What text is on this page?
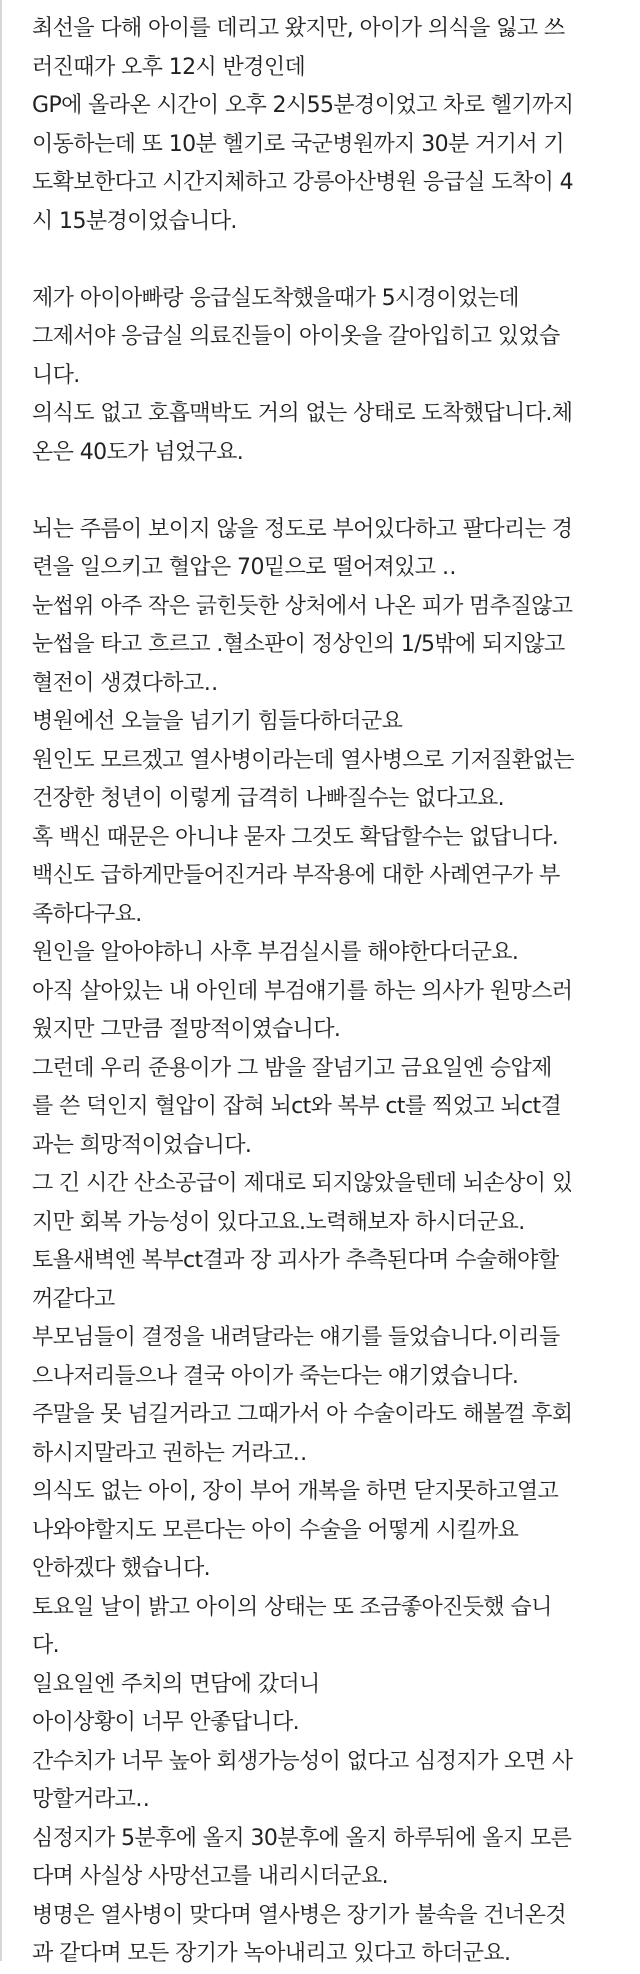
최선을 다해 아이를 데리고 왔지만, 아이가 의식을 잃고 쓰
러진때가 오후 12시 반경인데
GP에 올라온 시간이 오후 2시55분경이었고 차로 헬기까지
이동하는데 또 10분 헬기로 국군병원까지 30분 거기서 기
도확보한다고 시간지체하고 강릉아산병원 응급실 도착이 4
시 15분경이었습니다.
제가 아이아빠랑 응급실도착했을때가 5시경이었는데
그제서야 응급실 의료진들이 아이옷을 갈아입히고 있었습
니다.
의식도 없고 호흡맥박도 거의 없는 상태로 도착했답니다.체
온은 40도가 넘었구요.
뇌는 주름이 보이지 않을 정도로 부어있다하고 팔다리는 경
련을 일으키고 혈압은 70밑으로 떨어져있고 ‥
눈썹위 아주 작은 긁힌듯한 상처에서 나온 피가 멈추질않고
눈썹을 타고 흐르고 .혈소판이 정상인의 1/5밖에 되지않고
혈전이 생겼다하고‥
병원에선 오늘을 넘기기 힘들다하더군요
원인도 모르겠고 열사병이라는데 열사병으로 기저질환없는
건장한 청년이 이렇게 급격히 나빠질수는 없다고요.
혹 백신 때문은 아니냐 묻자 그것도 확답할수는 없답니다.
백신도 급하게만들어진거라 부작용에 대한 사례연구가 부
족하다구요.
원인을 알아야하니 사후 부검실시를 해야한다더군요.
아직 살아있는 내 아인데 부검얘기를 하는 의사가 원망스러
웠지만 그만큼 절망적이였습니다.
그런데 우리 준용이가 그 밤을 잘넘기고 금요일엔 승압제
를 쓴 덕인지 혈압이 잡혀 뇌ct와 복부 ct를 찍었고 뇌ct결
과는 희망적이었습니다.
그 긴 시간 산소공급이 제대로 되지않았을텐데 뇌손상이 있
지만 회복 가능성이 있다고요.노력해보자 하시더군요.
토욜새벽엔 복부ct결과 장 괴사가 추측된다며 수술해야할
꺼같다고
부모님들이 결정을 내려달라는 얘기를 들었습니다.이리들
으나저리들으나 결국 아이가 죽는다는 얘기였습니다.
주말을 못 넘길거라고 그때가서 아 수술이라도 해볼껄 후회
하시지말라고 권하는 거라고‥
의식도 없는 아이, 장이 부어 개복을 하면 닫지못하고열고
나와야할지도 모른다는 아이 수술을 어떻게 시킬까요
안하겠다 했습니다.
토요일 날이 밝고 아이의 상태는 또 조금좋아진듯했 습니
다.
일요일엔 주치의 면담에 갔더니
아이상황이 너무 안좋답니다.
간수치가 너무 높아 회생가능성이 없다고 심정지가 오면 사
망할거라고‥
심정지가 5분후에 올지 30분후에 올지 하루뒤에 올지 모른
다며 사실상 사망선고를 내리시더군요.
병명은 열사병이 맞다며 열사병은 장기가 불속을 건너온것
과 같다며 모든 장기가 녹아내리고 있다고 하더군요.
